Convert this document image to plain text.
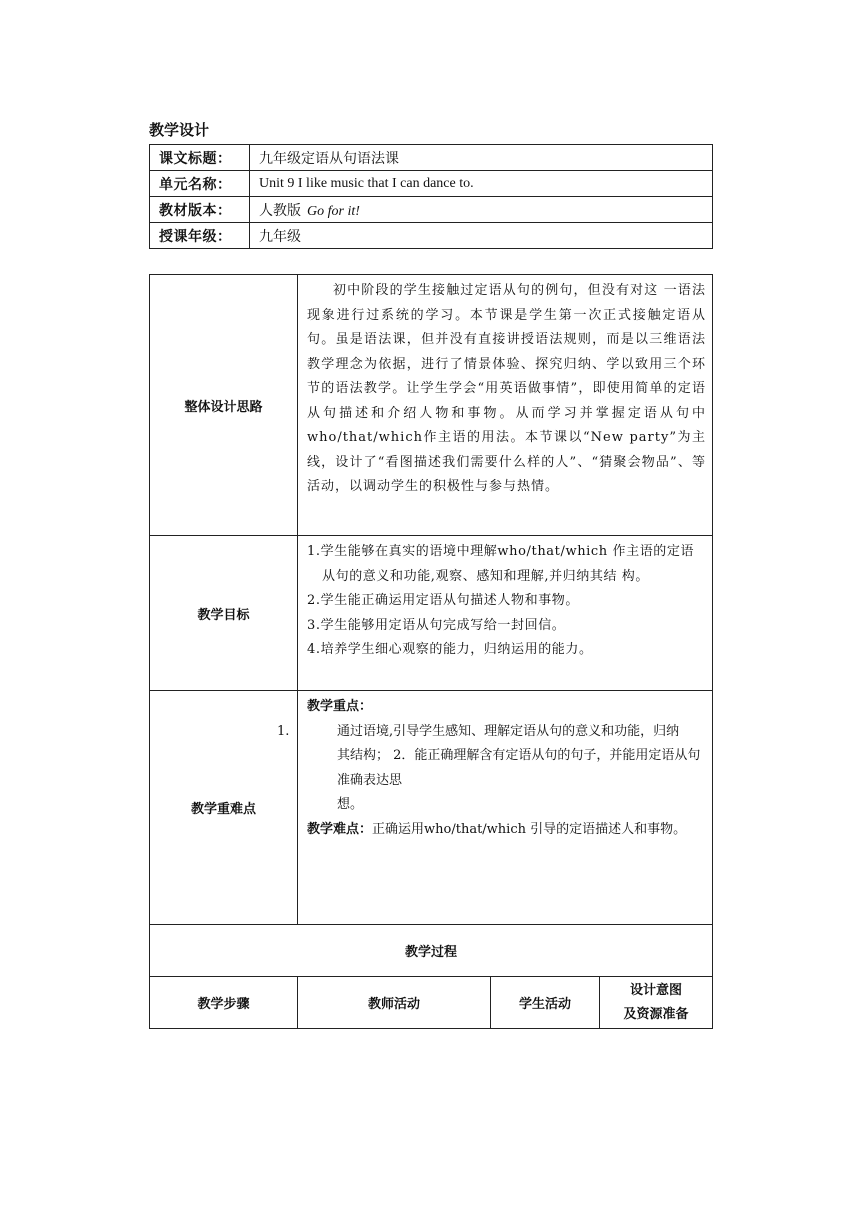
教学设计
课文标题：	九年级定语从句语法课
单元名称：	Unit 9 I like music that I can dance to.
教材版本：	人教版 Go for it!
授课年级：	九年级
整体设计思路	初中阶段的学生接触过定语从句的例句，但没有对这 一语法现象进行过系统的学习。本节课是学生第一次正式接触定语从句。虽是语法课，但并没有直接讲授语法规则，而是以三维语法教学理念为依据，进行了情景体验、探究归纳、学以致用三个环节的语法教学。让学生学会“用英语做事情”，即使用简单的定语从句描述和介绍人物和事物。从而学习并掌握定语从句中who/that/which作主语的用法。本节课以“New party”为主线，设计了“看图描述我们需要什么样的人”、“猜聚会物品”、等活动，以调动学生的积极性与参与热情。		

教学目标	1.学生能够在真实的语境中理解who/that/which 作主语的定语从句的意义和功能,观察、感知和理解,并归纳其结 构。

2.学生能正确运用定语从句描述人物和事物。

3.学生能够用定语从句完成写给一封回信。

4.培养学生细心观察的能力，归纳运用的能力。		

教学重难点	教学重点：

1. 通过语境,引导学生感知、理解定语从句的意义和功能，归纳

其结构； 2．能正确理解含有定语从句的句子，并能用定语从句准确表达思

想。

教学难点：正确运用who/that/which 引导的定语描述人和事物。		

教学过程			
教学步骤	教师活动	学生活动	设计意图
及资源准备
